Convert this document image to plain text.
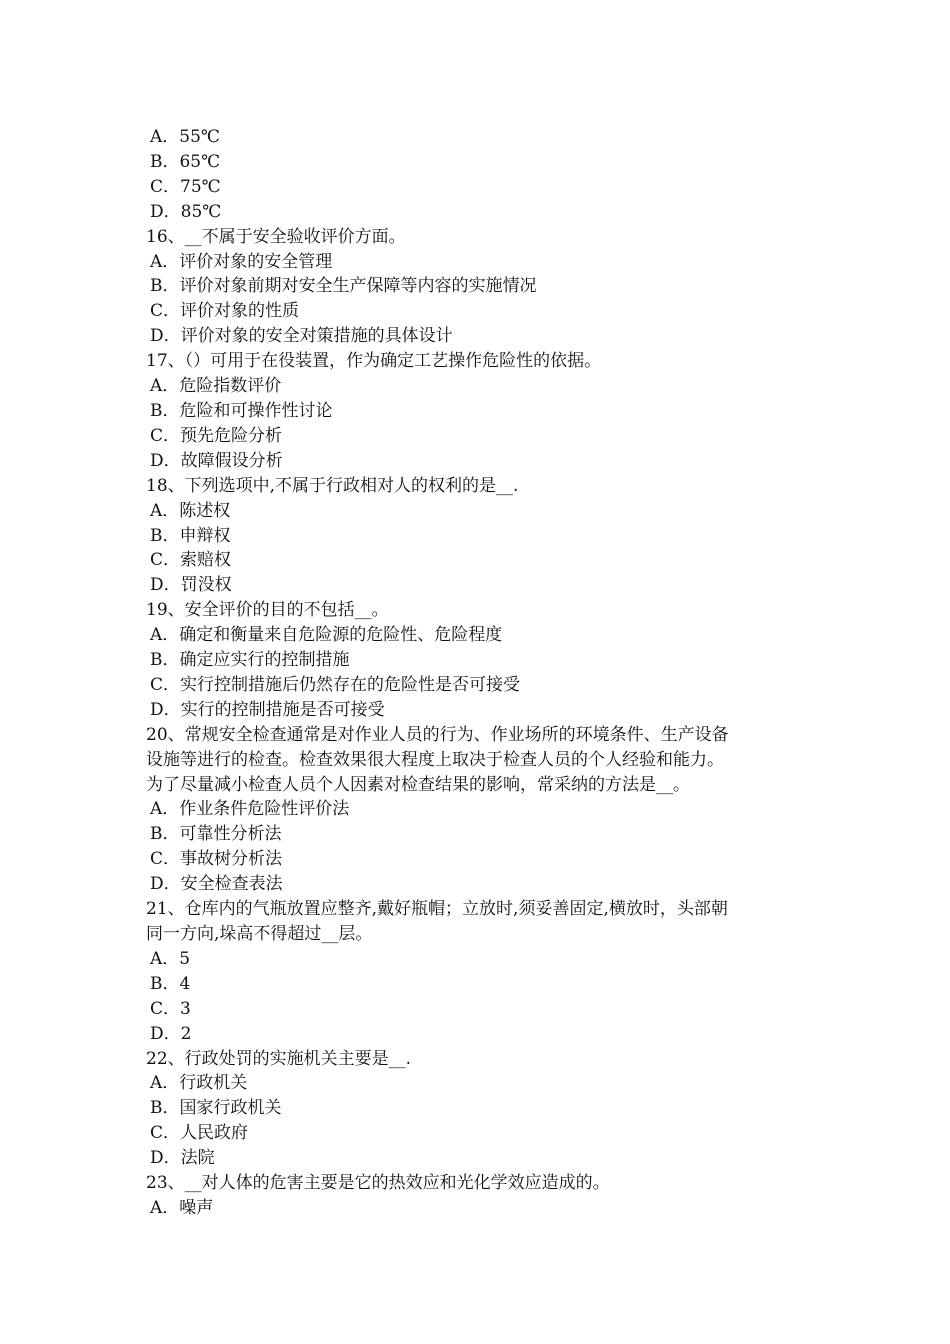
A．55℃
B．65℃
C．75℃
D．85℃
16、__不属于安全验收评价方面。
A．评价对象的安全管理
B．评价对象前期对安全生产保障等内容的实施情况
C．评价对象的性质
D．评价对象的安全对策措施的具体设计
17、（）可用于在役装置，作为确定工艺操作危险性的依据。
A．危险指数评价
B．危险和可操作性讨论
C．预先危险分析
D．故障假设分析
18、下列选项中,不属于行政相对人的权利的是__.
A．陈述权
B．申辩权
C．索赔权
D．罚没权
19、安全评价的目的不包括__。
A．确定和衡量来自危险源的危险性、危险程度
B．确定应实行的控制措施
C．实行控制措施后仍然存在的危险性是否可接受
D．实行的控制措施是否可接受
20、常规安全检查通常是对作业人员的行为、作业场所的环境条件、生产设备
设施等进行的检查。检查效果很大程度上取决于检查人员的个人经验和能力。
为了尽量减小检查人员个人因素对检查结果的影响，常采纳的方法是__。
A．作业条件危险性评价法
B．可靠性分析法
C．事故树分析法
D．安全检查表法
21、仓库内的气瓶放置应整齐,戴好瓶帽；立放时,须妥善固定,横放时，头部朝
同一方向,垛高不得超过__层。
A．5
B．4
C．3
D．2
22、行政处罚的实施机关主要是__.
A．行政机关
B．国家行政机关
C．人民政府
D．法院
23、__对人体的危害主要是它的热效应和光化学效应造成的。
A．噪声
